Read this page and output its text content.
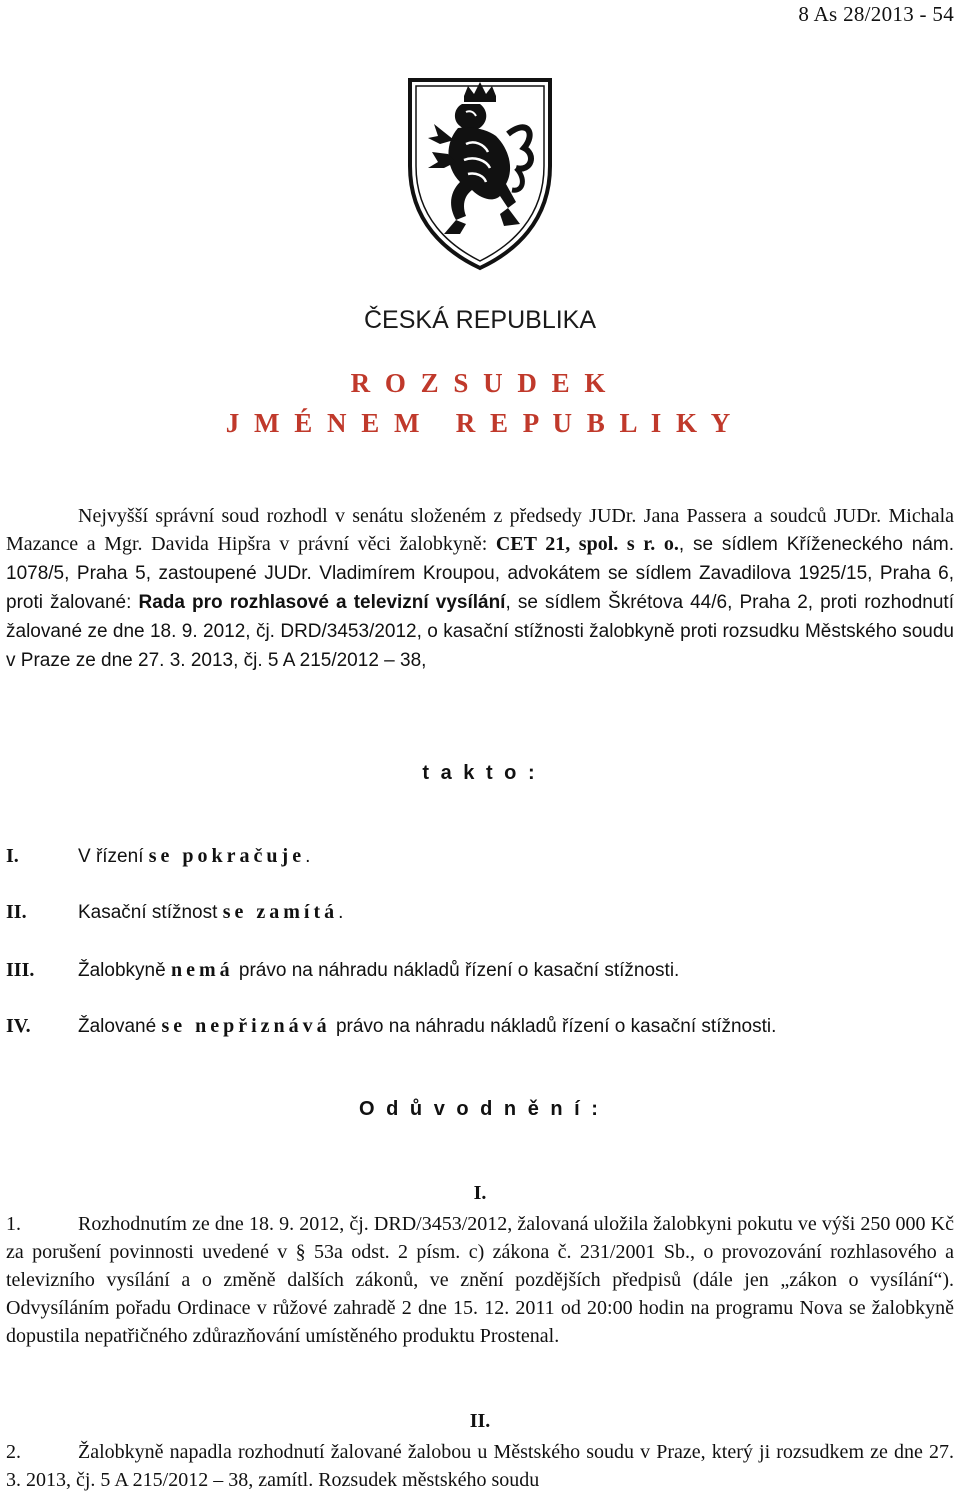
8 As 28/2013 - 54
ČESKÁ REPUBLIKA
R O Z S U D E K
J M É N E M   R E P U B L I K Y

Nejvyšší správní soud rozhodl v senátu složeném z předsedy JUDr. Jana Passera a soudců JUDr. Michala Mazance a Mgr. Davida Hipšra v právní věci žalobkyně: CET 21, spol. s r. o., se sídlem Kříženeckého nám. 1078/5, Praha 5, zastoupené JUDr. Vladimírem Kroupou, advokátem se sídlem Zavadilova 1925/15, Praha 6, proti žalované: Rada pro rozhlasové a televizní vysílání, se sídlem Škrétova 44/6, Praha 2, proti rozhodnutí žalované ze dne 18. 9. 2012, čj. DRD/3453/2012, o kasační stížnosti žalobkyně proti rozsudku Městského soudu v Praze ze dne 27. 3. 2013, čj. 5 A 215/2012 – 38,

t a k t o :
I.	V řízení se pokračuje.
II.	Kasační stížnost se zamítá.
III. Žalobkyně nemá právo na náhradu nákladů řízení o kasační stížnosti.
IV. Žalované se nepřiznává právo na náhradu nákladů řízení o kasační stížnosti.
O d ů v o d n ě n í :
I.

1.	Rozhodnutím ze dne 18. 9. 2012, čj. DRD/3453/2012, žalovaná uložila žalobkyni pokutu ve výši 250 000 Kč za porušení povinnosti uvedené v § 53a odst. 2 písm. c) zákona č. 231/2001 Sb., o provozování rozhlasového a televizního vysílání a o změně dalších zákonů, ve znění pozdějších předpisů (dále jen „zákon o vysílání“). Odvysíláním pořadu Ordinace v růžové zahradě 2 dne 15. 12. 2011 od 20:00 hodin na programu Nova se žalobkyně dopustila nepatřičného zdůrazňování umístěného produktu Prostenal.

II.

2.	Žalobkyně napadla rozhodnutí žalované žalobou u Městského soudu v Praze, který ji rozsudkem ze dne 27. 3. 2013, čj. 5 A 215/2012 – 38, zamítl. Rozsudek městského soudu
